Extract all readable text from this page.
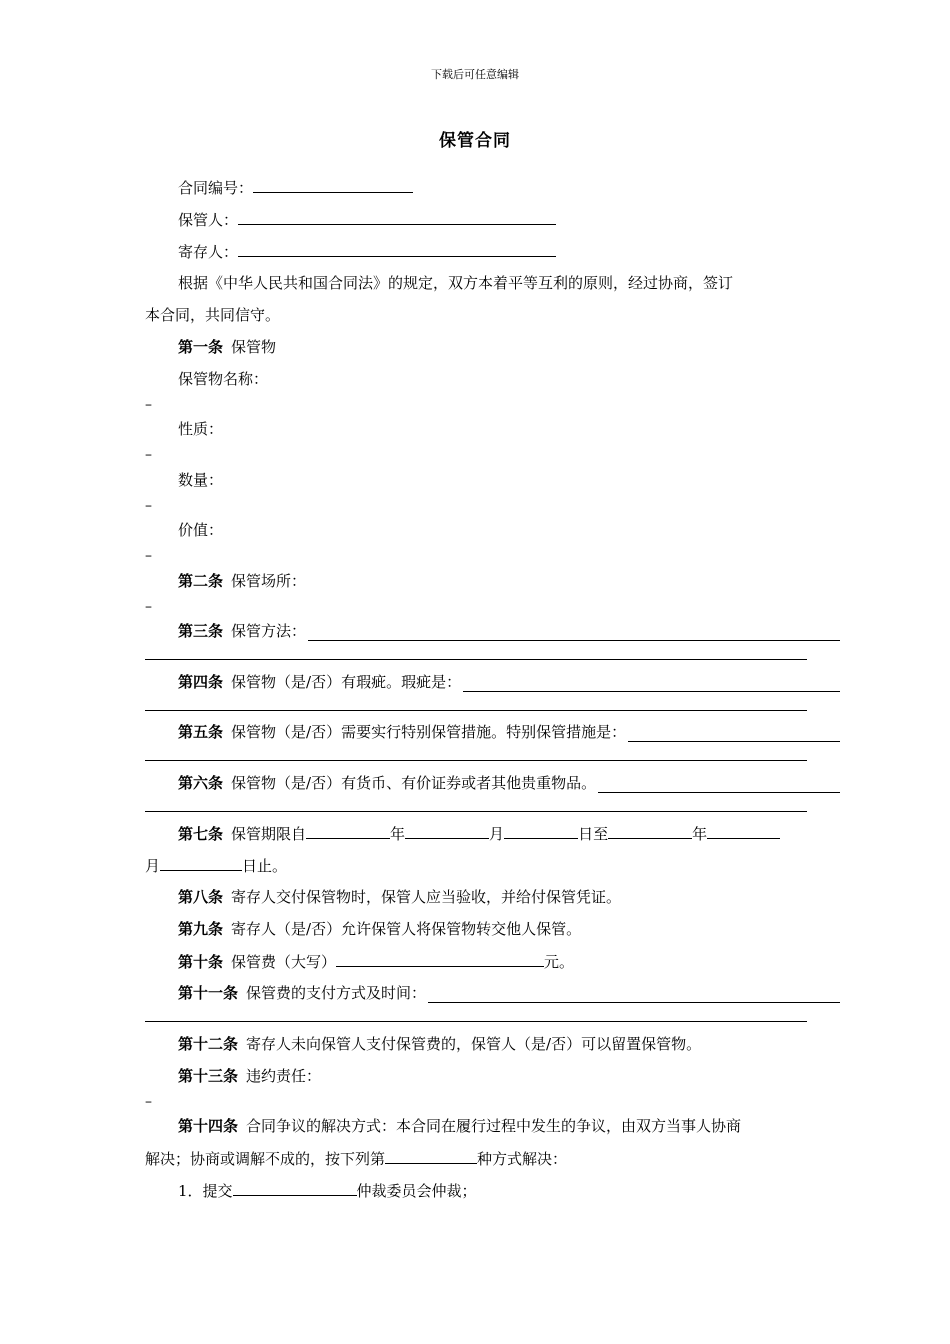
下载后可任意编辑
保管合同
合同编号：
保管人：
寄存人：
根据《中华人民共和国合同法》的规定，双方本着平等互利的原则，经过协商，签订
本合同，共同信守。
第一条 保管物
保管物名称：
–
性质：
–
数量：
–
价值：
–
第二条 保管场所：
–
第三条 保管方法：
第四条 保管物（是/否）有瑕疵。瑕疵是：
第五条 保管物（是/否）需要实行特别保管措施。特别保管措施是：
第六条 保管物（是/否）有货币、有价证券或者其他贵重物品。
第七条 保管期限自	年	月	日至	年
月	日止。
第八条 寄存人交付保管物时，保管人应当验收，并给付保管凭证。
第九条 寄存人（是/否）允许保管人将保管物转交他人保管。
第十条 保管费（大写）	元。
第十一条 保管费的支付方式及时间：
第十二条 寄存人未向保管人支付保管费的，保管人（是/否）可以留置保管物。
第十三条 违约责任：
–
第十四条 合同争议的解决方式：本合同在履行过程中发生的争议，由双方当事人协商
解决；协商或调解不成的，按下列第	种方式解决：
1．提交	仲裁委员会仲裁；
